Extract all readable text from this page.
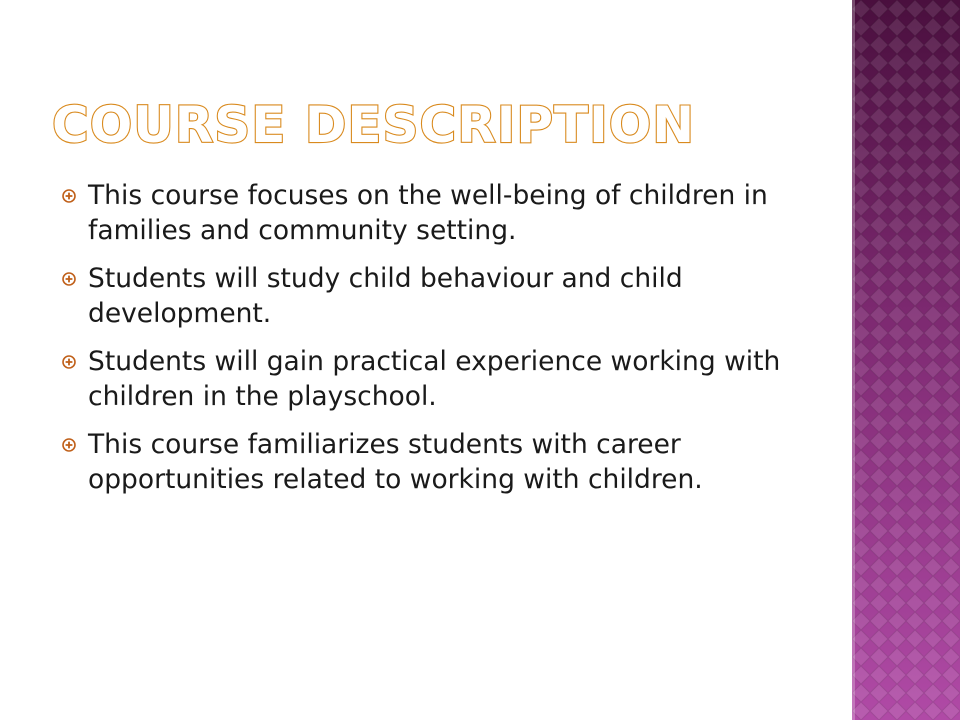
COURSE DESCRIPTION
This course focuses on the well-being of children in families and community setting.
Students will study child behaviour and child development.
Students will gain practical experience working with children in the playschool.
This course familiarizes students with career opportunities related to working with children.
